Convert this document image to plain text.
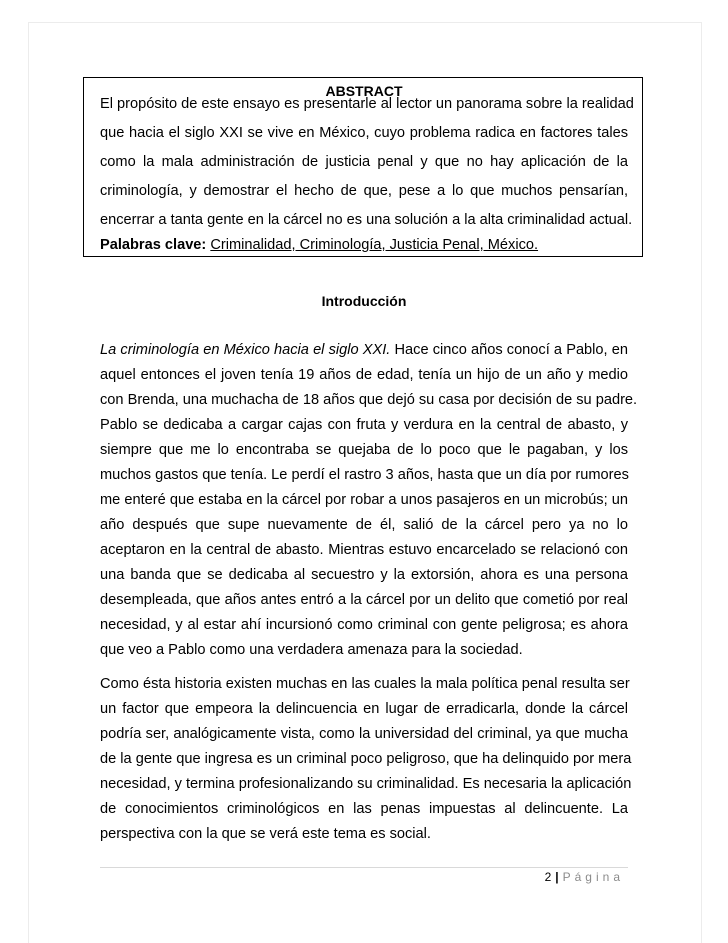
ABSTRACT
El propósito de este ensayo es presentarle al lector un panorama sobre la realidad
que hacia el siglo XXI se vive en México, cuyo problema radica en factores tales
como la mala administración de justicia penal y que no hay aplicación de la
criminología, y demostrar el hecho de que, pese a lo que muchos pensarían,
encerrar a tanta gente en la cárcel no es una solución a la alta criminalidad actual.
Palabras clave: Criminalidad, Criminología, Justicia Penal, México.
Introducción
La criminología en México hacia el siglo XXI. Hace cinco años conocí a Pablo, en
aquel entonces el joven tenía 19 años de edad, tenía un hijo de un año y medio
con Brenda, una muchacha de 18 años que dejó su casa por decisión de su padre.
Pablo se dedicaba a cargar cajas con fruta y verdura en la central de abasto, y
siempre que me lo encontraba se quejaba de lo poco que le pagaban, y los
muchos gastos que tenía. Le perdí el rastro 3 años, hasta que un día por rumores
me enteré que estaba en la cárcel por robar a unos pasajeros en un microbús; un
año después que supe nuevamente de él, salió de la cárcel pero ya no lo
aceptaron en la central de abasto. Mientras estuvo encarcelado se relacionó con
una banda que se dedicaba al secuestro y la extorsión, ahora es una persona
desempleada, que años antes entró a la cárcel por un delito que cometió por real
necesidad, y al estar ahí incursionó como criminal con gente peligrosa; es ahora
que veo a Pablo como una verdadera amenaza para la sociedad.
Como ésta historia existen muchas en las cuales la mala política penal resulta ser
un factor que empeora la delincuencia en lugar de erradicarla, donde la cárcel
podría ser, analógicamente vista, como la universidad del criminal, ya que mucha
de la gente que ingresa es un criminal poco peligroso, que ha delinquido por mera
necesidad, y termina profesionalizando su criminalidad. Es necesaria la aplicación
de conocimientos criminológicos en las penas impuestas al delincuente. La
perspectiva con la que se verá este tema es social.
2 | Página
